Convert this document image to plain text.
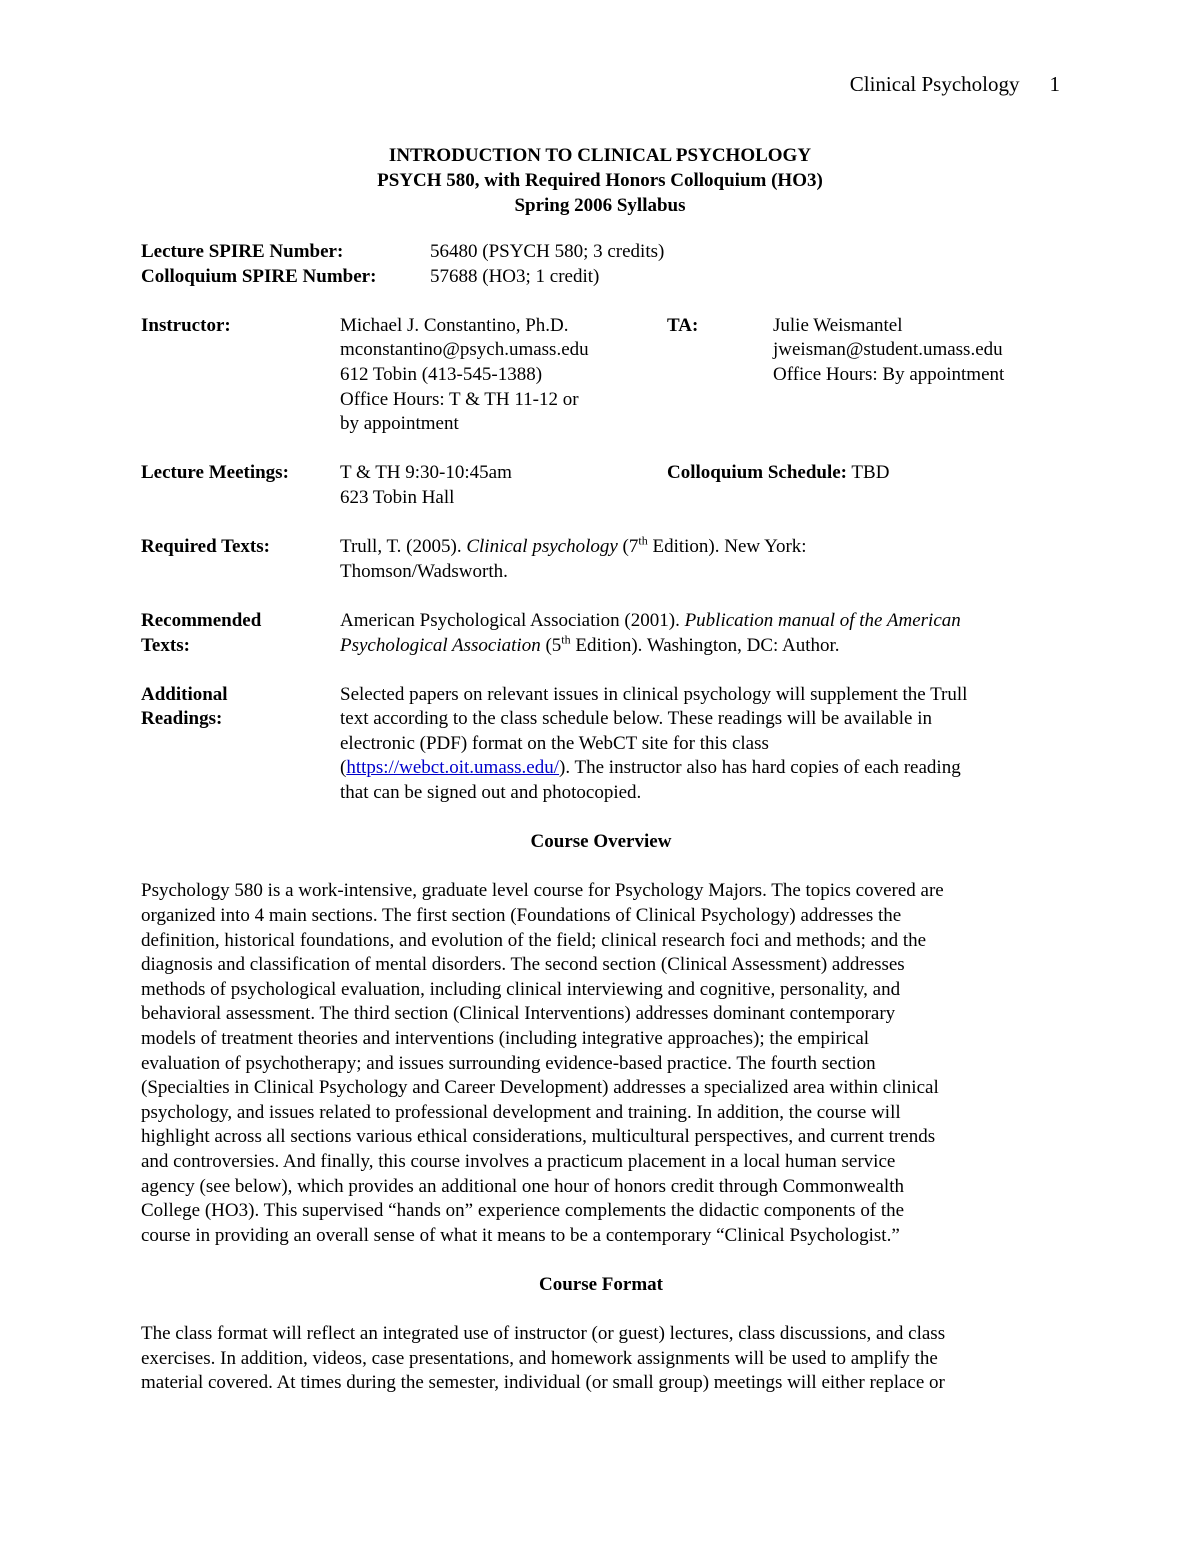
Clinical Psychology 1
INTRODUCTION TO CLINICAL PSYCHOLOGY
PSYCH 580, with Required Honors Colloquium (HO3)
Spring 2006 Syllabus
Lecture SPIRE Number:	56480 (PSYCH 580; 3 credits)
Colloquium SPIRE Number:	57688 (HO3; 1 credit)
Instructor:	Michael J. Constantino, Ph.D.
mconstantino@psych.umass.edu
612 Tobin (413-545-1388)
Office Hours: T & TH 11-12 or
by appointment
TA:	Julie Weismantel
jweisman@student.umass.edu
Office Hours: By appointment
Lecture Meetings:	T & TH 9:30-10:45am
623 Tobin Hall
Colloquium Schedule: TBD
Required Texts:	Trull, T. (2005). Clinical psychology (7th Edition). New York:
Thomson/Wadsworth.
Recommended
Texts:
American Psychological Association (2001). Publication manual of the American
Psychological Association (5th Edition). Washington, DC: Author.
Additional
Readings:
Selected papers on relevant issues in clinical psychology will supplement the Trull
text according to the class schedule below. These readings will be available in
electronic (PDF) format on the WebCT site for this class
(https://webct.oit.umass.edu/). The instructor also has hard copies of each reading
that can be signed out and photocopied.
Course Overview
Psychology 580 is a work-intensive, graduate level course for Psychology Majors. The topics covered are
organized into 4 main sections. The first section (Foundations of Clinical Psychology) addresses the
definition, historical foundations, and evolution of the field; clinical research foci and methods; and the
diagnosis and classification of mental disorders. The second section (Clinical Assessment) addresses
methods of psychological evaluation, including clinical interviewing and cognitive, personality, and
behavioral assessment. The third section (Clinical Interventions) addresses dominant contemporary
models of treatment theories and interventions (including integrative approaches); the empirical
evaluation of psychotherapy; and issues surrounding evidence-based practice. The fourth section
(Specialties in Clinical Psychology and Career Development) addresses a specialized area within clinical
psychology, and issues related to professional development and training. In addition, the course will
highlight across all sections various ethical considerations, multicultural perspectives, and current trends
and controversies. And finally, this course involves a practicum placement in a local human service
agency (see below), which provides an additional one hour of honors credit through Commonwealth
College (HO3). This supervised “hands on” experience complements the didactic components of the
course in providing an overall sense of what it means to be a contemporary “Clinical Psychologist.”
Course Format
The class format will reflect an integrated use of instructor (or guest) lectures, class discussions, and class
exercises. In addition, videos, case presentations, and homework assignments will be used to amplify the
material covered. At times during the semester, individual (or small group) meetings will either replace or
